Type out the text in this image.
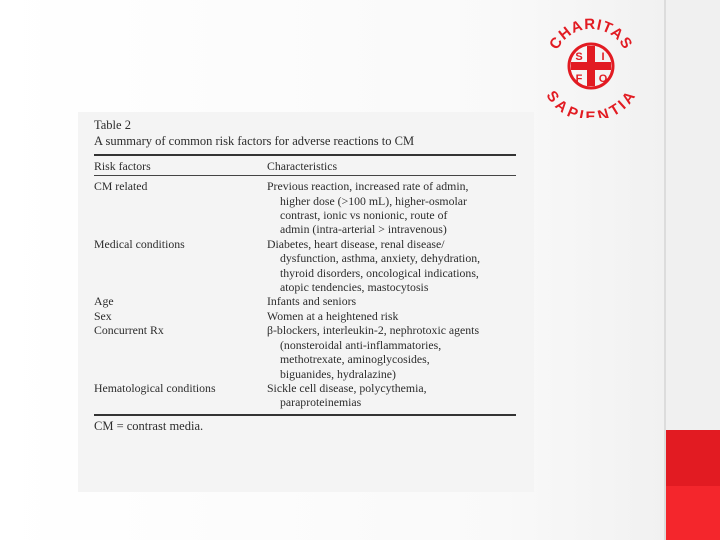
CHARITAS
SAPIENTIA
S I
F O
Table 2
A summary of common risk factors for adverse reactions to CM
Risk factors	Characteristics
CM related	Previous reaction, increased rate of admin,
higher dose (>100 mL), higher-osmolar
contrast, ionic vs nonionic, route of
admin (intra-arterial > intravenous)

Medical conditions	Diabetes, heart disease, renal disease/
dysfunction, asthma, anxiety, dehydration,
thyroid disorders, oncological indications,
atopic tendencies, mastocytosis

Age	Infants and seniors

Sex	Women at a heightened risk

Concurrent Rx	β-blockers, interleukin-2, nephrotoxic agents
(nonsteroidal anti-inflammatories,
methotrexate, aminoglycosides,
biguanides, hydralazine)

Hematological conditions	Sickle cell disease, polycythemia,
paraproteinemias
CM = contrast media.
